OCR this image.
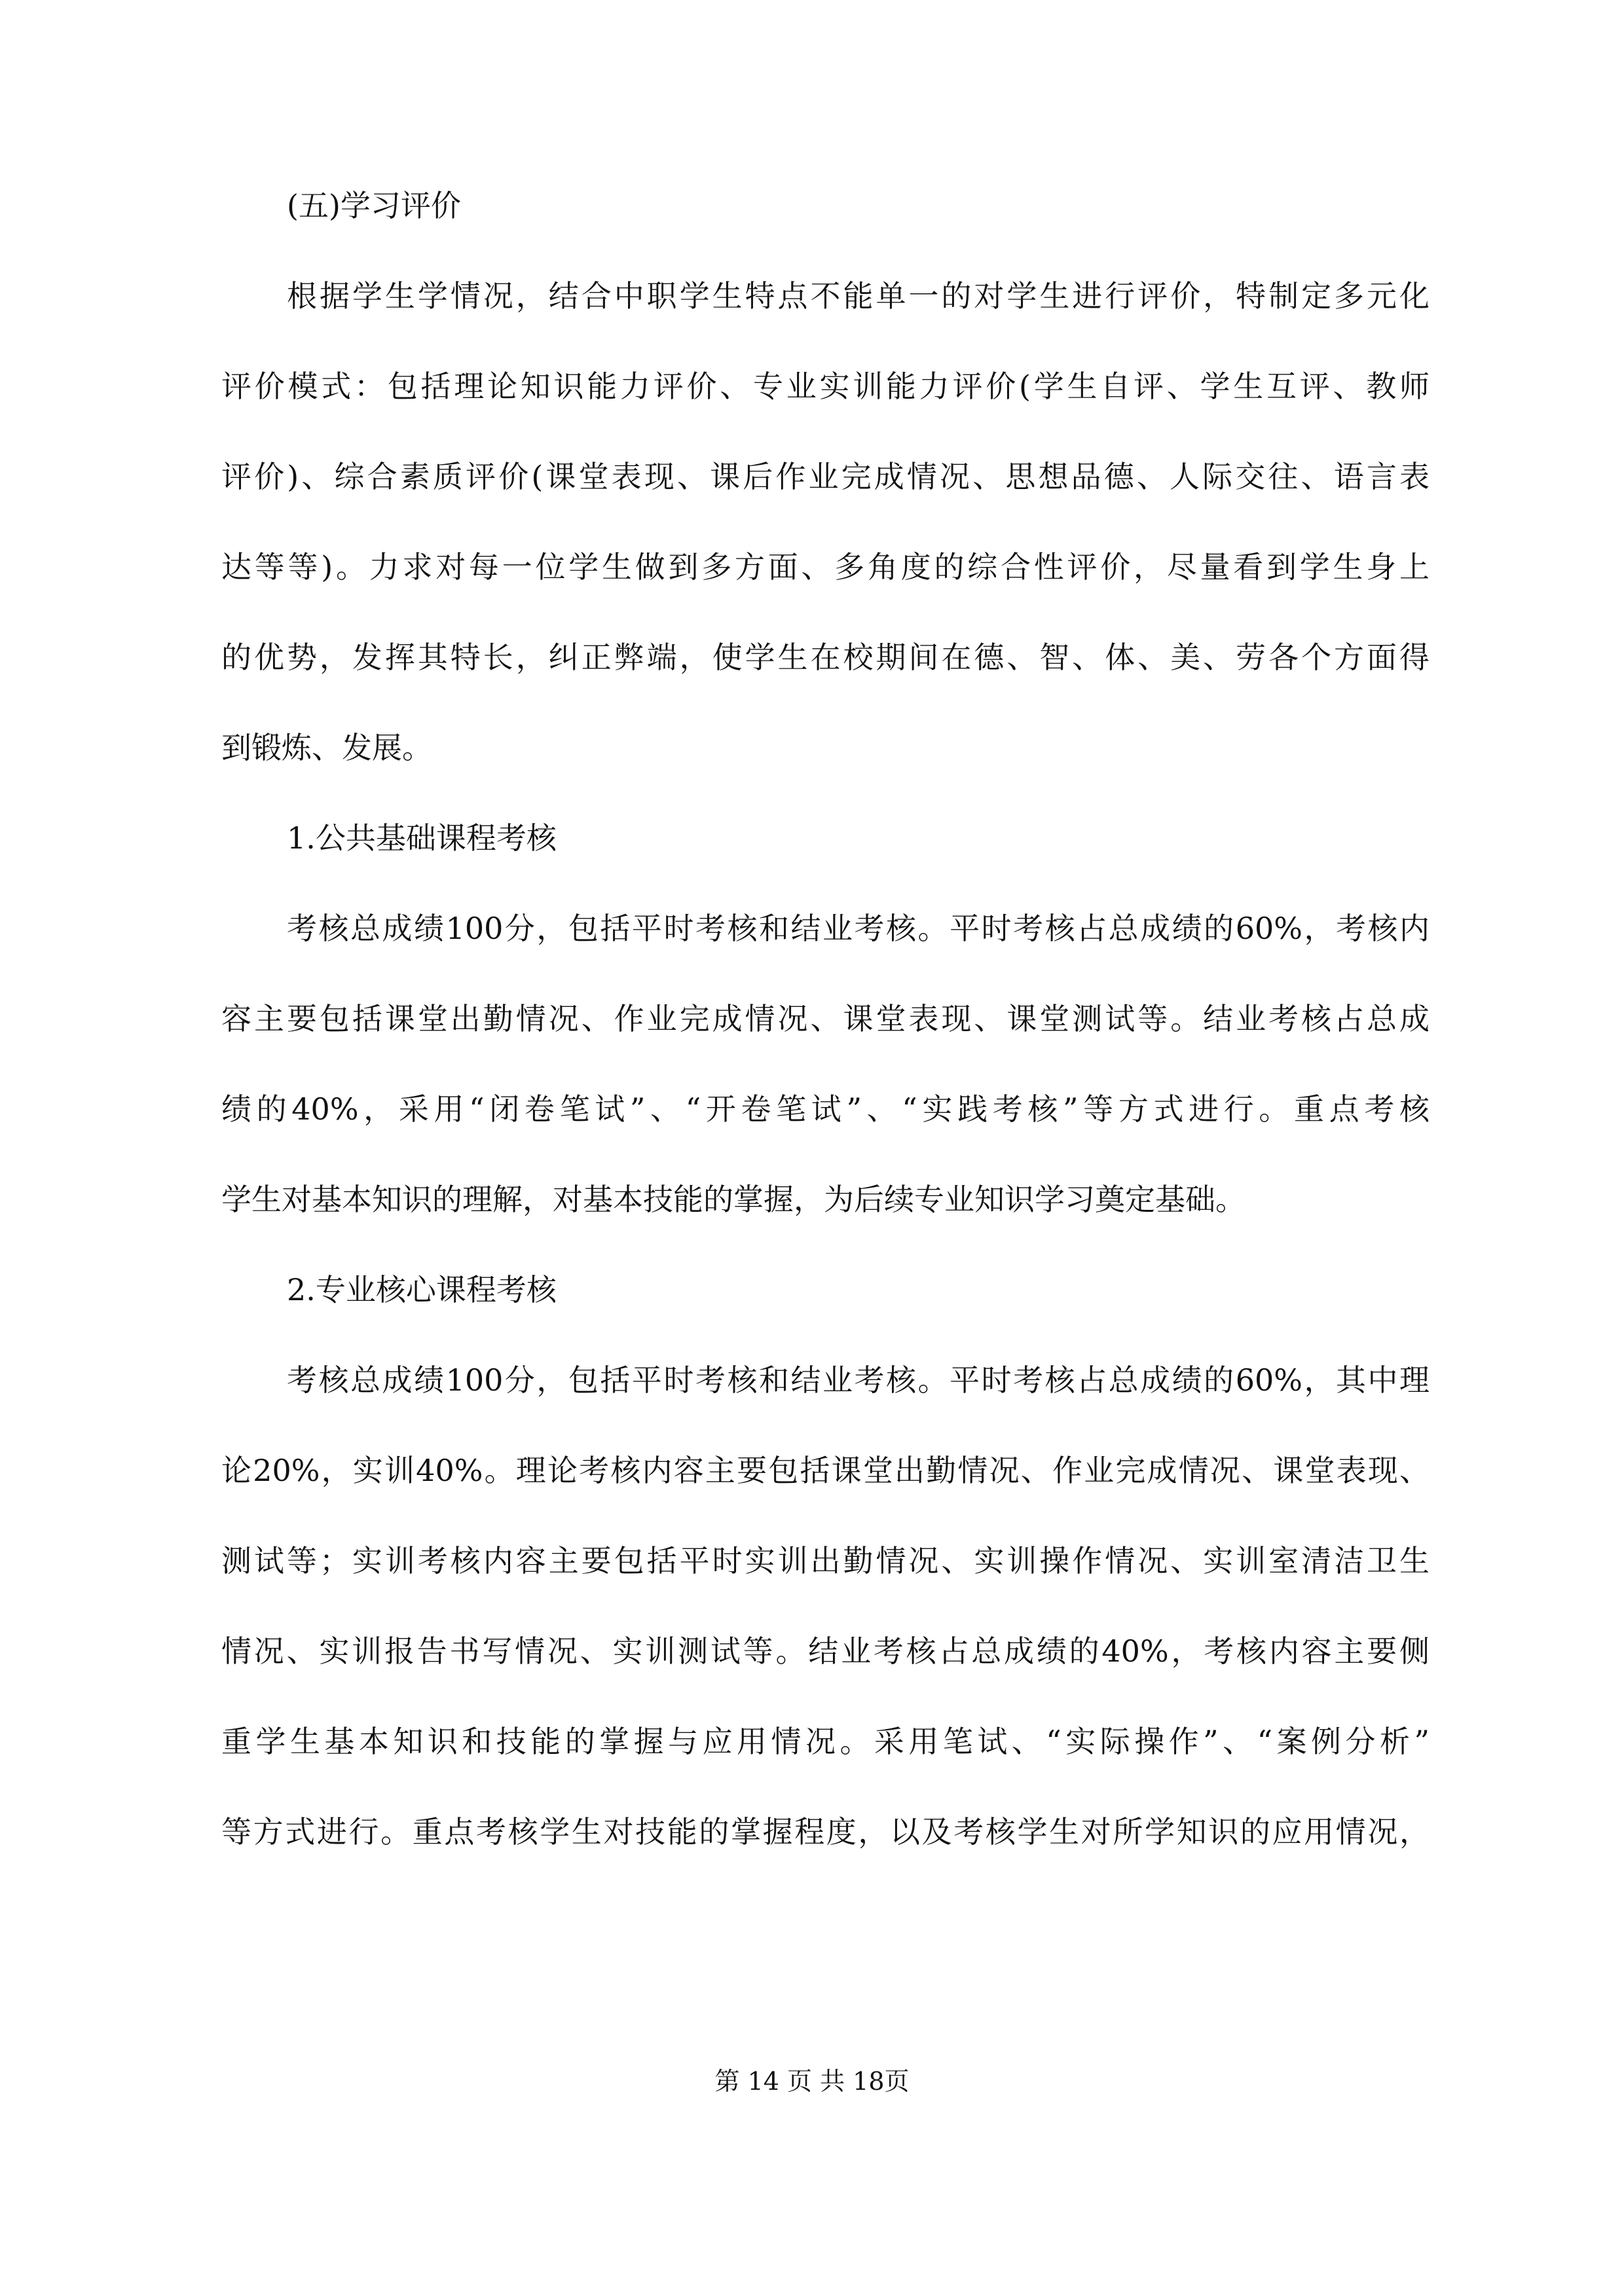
(五)学习评价
根据学生学情况，结合中职学生特点不能单一的对学生进行评价，特制定多元化
评价模式：包括理论知识能力评价、专业实训能力评价(学生自评、学生互评、教师
评价)、综合素质评价(课堂表现、课后作业完成情况、思想品德、人际交往、语言表
达等等)。力求对每一位学生做到多方面、多角度的综合性评价，尽量看到学生身上
的优势，发挥其特长，纠正弊端，使学生在校期间在德、智、体、美、劳各个方面得
到锻炼、发展。
1.公共基础课程考核
考核总成绩100分，包括平时考核和结业考核。平时考核占总成绩的60%，考核内
容主要包括课堂出勤情况、作业完成情况、课堂表现、课堂测试等。结业考核占总成
绩的40%，采用“闭卷笔试”、“开卷笔试”、“实践考核”等方式进行。重点考核
学生对基本知识的理解，对基本技能的掌握，为后续专业知识学习奠定基础。
2.专业核心课程考核
考核总成绩100分，包括平时考核和结业考核。平时考核占总成绩的60%，其中理
论20%，实训40%。理论考核内容主要包括课堂出勤情况、作业完成情况、课堂表现、
测试等；实训考核内容主要包括平时实训出勤情况、实训操作情况、实训室清洁卫生
情况、实训报告书写情况、实训测试等。结业考核占总成绩的40%，考核内容主要侧
重学生基本知识和技能的掌握与应用情况。采用笔试、“实际操作”、“案例分析”
等方式进行。重点考核学生对技能的掌握程度，以及考核学生对所学知识的应用情况，
第 14 页 共 18页
